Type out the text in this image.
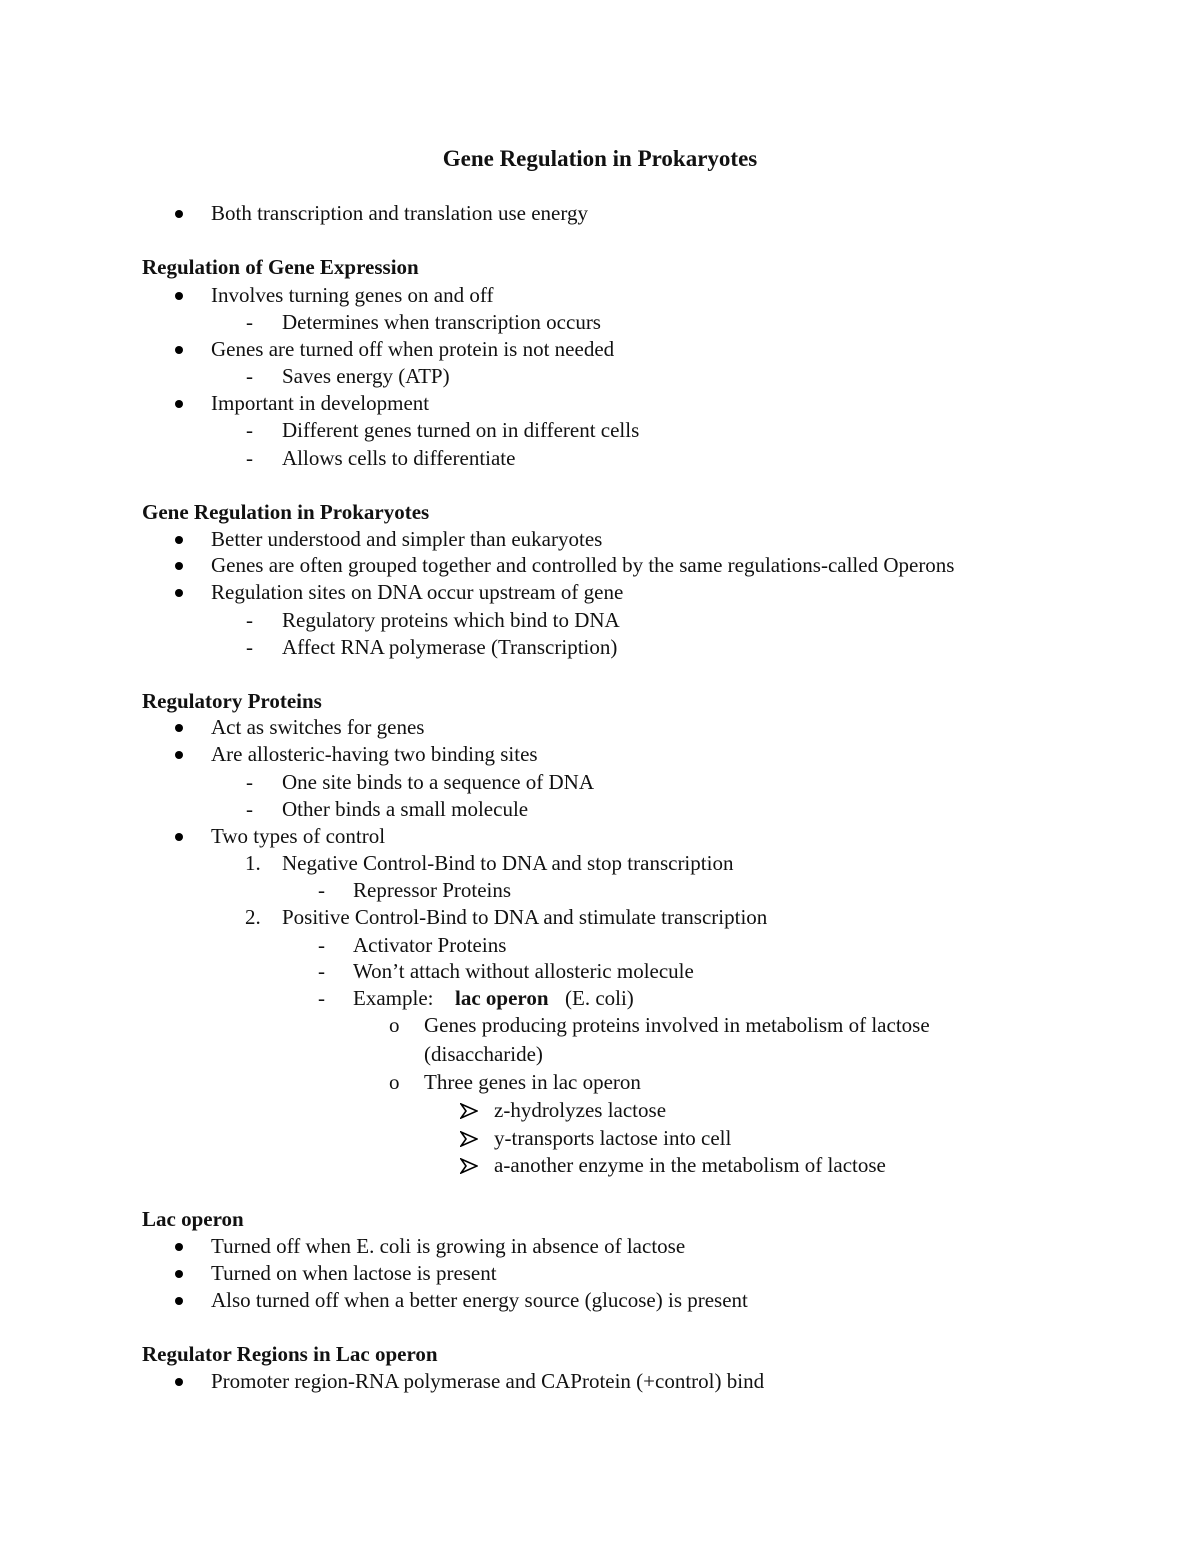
Gene Regulation in Prokaryotes
Both transcription and translation use energy
Regulation of Gene Expression
Involves turning genes on and off
- Determines when transcription occurs
Genes are turned off when protein is not needed
- Saves energy (ATP)
Important in development
- Different genes turned on in different cells
- Allows cells to differentiate
Gene Regulation in Prokaryotes
Better understood and simpler than eukaryotes
Genes are often grouped together and controlled by the same regulations-called Operons
Regulation sites on DNA occur upstream of gene
- Regulatory proteins which bind to DNA
- Affect RNA polymerase (Transcription)
Regulatory Proteins
Act as switches for genes
Are allosteric-having two binding sites
- One site binds to a sequence of DNA
- Other binds a small molecule
Two types of control
1. Negative Control-Bind to DNA and stop transcription
- Repressor Proteins
2. Positive Control-Bind to DNA and stimulate transcription
- Activator Proteins
- Won’t attach without allosteric molecule
- Example: lac operon (E. coli)
o Genes producing proteins involved in metabolism of lactose
(disaccharide)
o Three genes in lac operon
z-hydrolyzes lactose
y-transports lactose into cell
a-another enzyme in the metabolism of lactose
Lac operon
Turned off when E. coli is growing in absence of lactose
Turned on when lactose is present
Also turned off when a better energy source (glucose) is present
Regulator Regions in Lac operon
Promoter region-RNA polymerase and CAProtein (+control) bind
